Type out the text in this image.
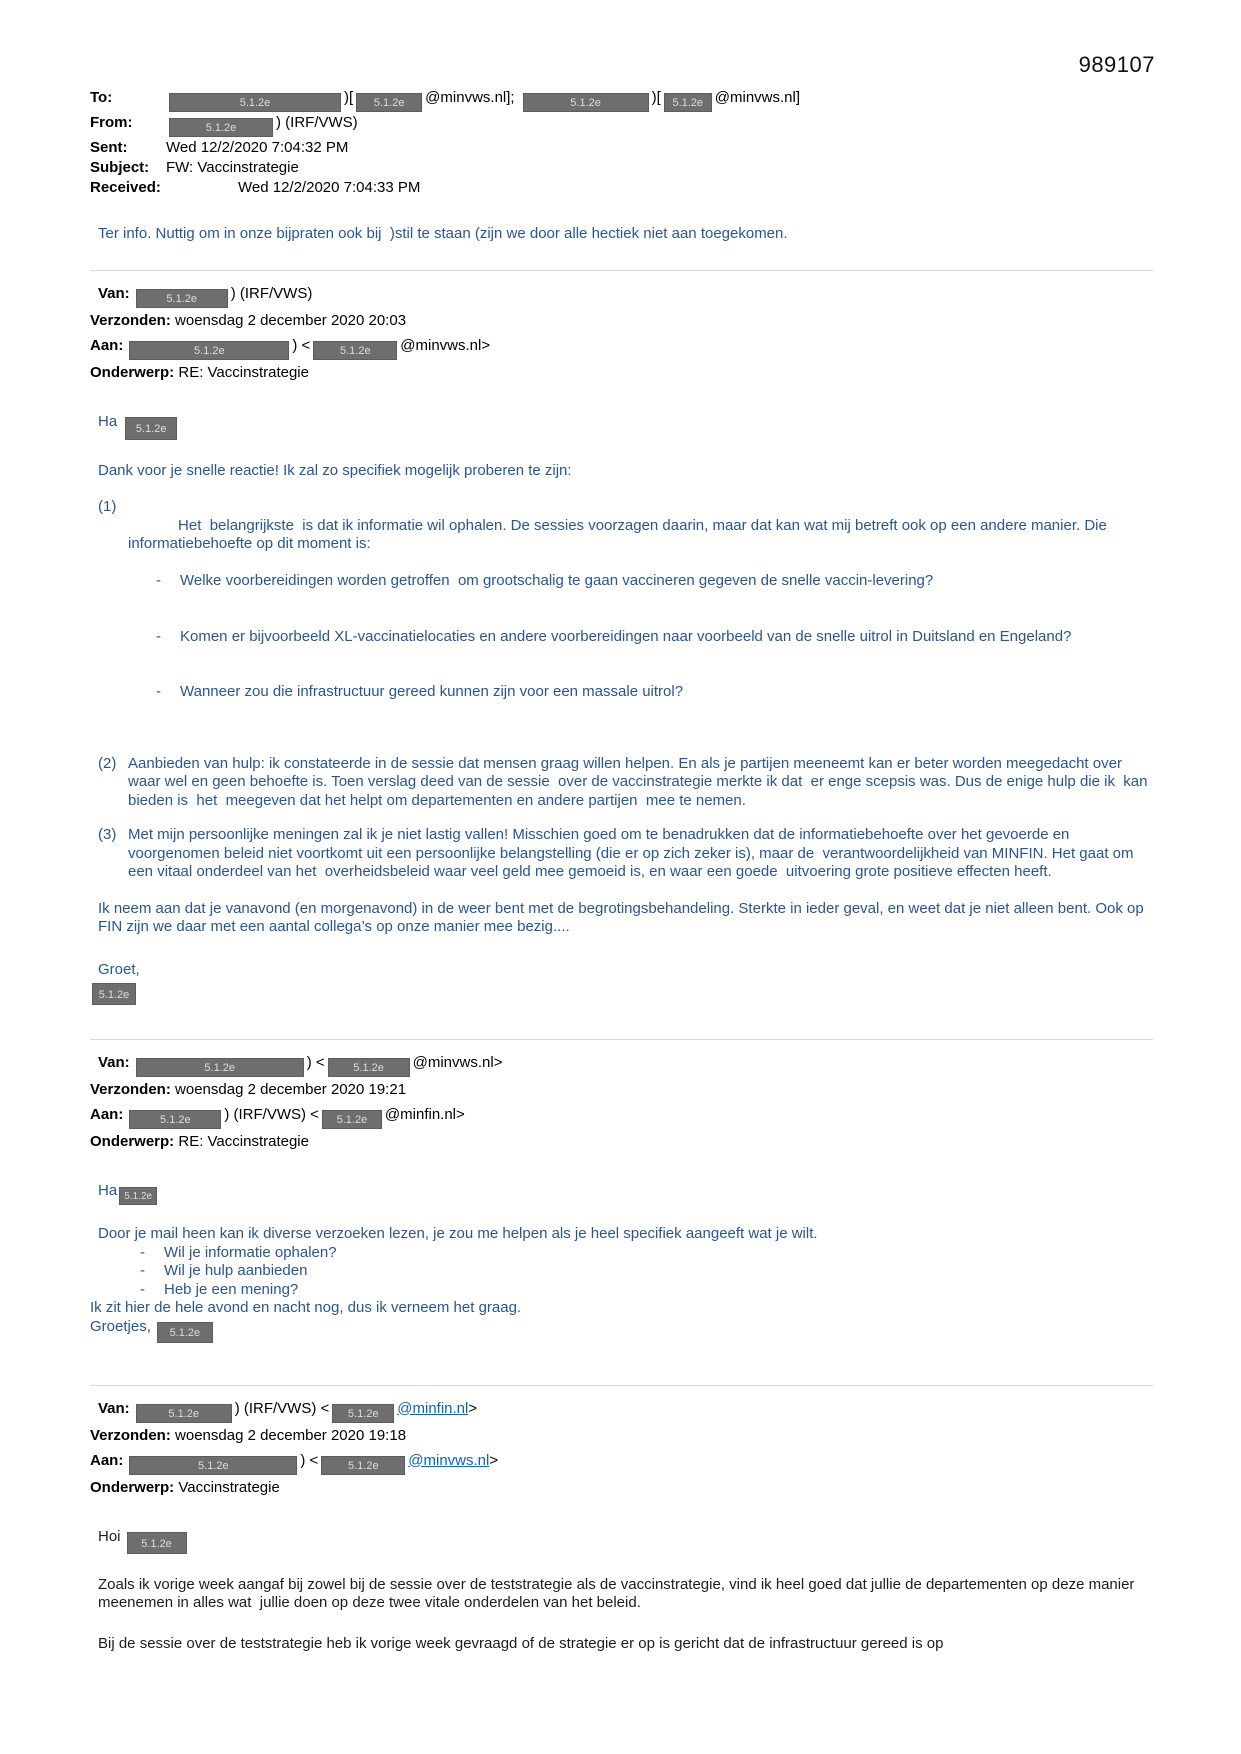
989107
To:	5.1.2e	)[ 5.1.2e @minvws.nl];	5.1.2e	)[ 5.1.2e @minvws.nl]
From:	5.1.2e	) (IRF/VWS)
Sent:	Wed 12/2/2020 7:04:32 PM
Subject:	FW: Vaccinstrategie
Received:	Wed 12/2/2020 7:04:33 PM
Ter info. Nuttig om in onze bijpraten ook bij  )stil te staan (zijn we door alle hectiek niet aan toegekomen.
Van:	5.1.2e ) (IRF/VWS)
Verzonden: woensdag 2 december 2020 20:03
Aan:	5.1.2e	) <	5.1.2e @minvws.nl>
Onderwerp: RE: Vaccinstrategie
Ha 5.1.2e
Dank voor je snelle reactie! Ik zal zo specifiek mogelijk proberen te zijn:
(1)

Het  belangrijkste  is dat ik informatie wil ophalen. De sessies voorzagen daarin, maar dat kan wat mij betreft ook op een andere manier. Die informatiebehoefte op dit moment is:

-	Welke voorbereidingen worden getroffen  om grootschalig te gaan vaccineren gegeven de snelle vaccin-levering?

-	Komen er bijvoorbeeld XL-vaccinatielocaties en andere voorbereidingen naar voorbeeld van de snelle uitrol in Duitsland en Engeland?

-	Wanneer zou die infrastructuur gereed kunnen zijn voor een massale uitrol?

(2) Aanbieden van hulp: ik constateerde in de sessie dat mensen graag willen helpen. En als je partijen meeneemt kan er beter worden meegedacht over waar wel en geen behoefte is. Toen verslag deed van de sessie  over de vaccinstrategie merkte ik dat  er enge scepsis was. Dus de enige hulp die ik  kan bieden is  het  meegeven dat het helpt om departementen en andere partijen  mee te nemen.
(3) Met mijn persoonlijke meningen zal ik je niet lastig vallen! Misschien goed om te benadrukken dat de informatiebehoefte over het gevoerde en voorgenomen beleid niet voortkomt uit een persoonlijke belangstelling (die er op zich zeker is), maar de  verantwoordelijkheid van MINFIN. Het gaat om een vitaal onderdeel van het  overheidsbeleid waar veel geld mee gemoeid is, en waar een goede  uitvoering grote positieve effecten heeft.
Ik neem aan dat je vanavond (en morgenavond) in de weer bent met de begrotingsbehandeling. Sterkte in ieder geval, en weet dat je niet alleen bent. Ook op FIN zijn we daar met een aantal collega’s op onze manier mee bezig....
Groet,
5.1.2e
Van:	5.1.2e	) <	5.1.2e @minvws.nl>
Verzonden: woensdag 2 december 2020 19:21
Aan:	5.1.2e ) (IRF/VWS) < 5.1.2e @minfin.nl>
Onderwerp: RE: Vaccinstrategie
Ha 5.1.2e
Door je mail heen kan ik diverse verzoeken lezen, je zou me helpen als je heel specifiek aangeeft wat je wilt.
-	Wil je informatie ophalen?
-	Wil je hulp aanbieden
-	Heb je een mening?
Ik zit hier de hele avond en nacht nog, dus ik verneem het graag.
Groetjes, 5.1.2e
Van:	5.1.2e ) (IRF/VWS) < 5.1.2e @minfin.nl>
Verzonden: woensdag 2 december 2020 19:18
Aan:	5.1.2e	) <	5.1.2e @minvws.nl>
Onderwerp: Vaccinstrategie
Hoi 5.1.2e
Zoals ik vorige week aangaf bij zowel bij de sessie over de teststrategie als de vaccinstrategie, vind ik heel goed dat jullie de departementen op deze manier meenemen in alles wat  jullie doen op deze twee vitale onderdelen van het beleid.
Bij de sessie over de teststrategie heb ik vorige week gevraagd of de strategie er op is gericht dat de infrastructuur gereed is op
